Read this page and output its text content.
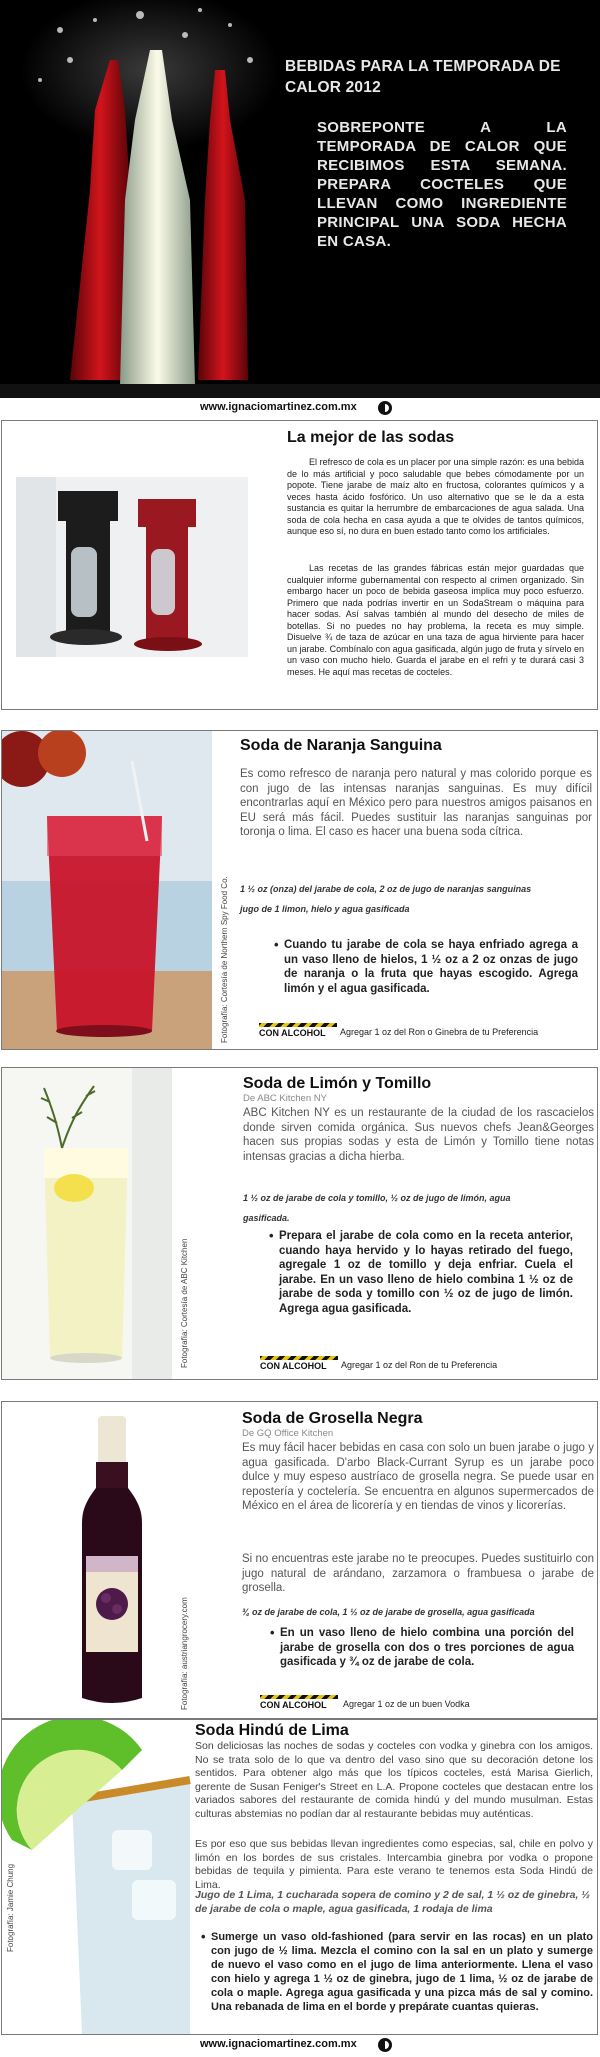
BEBIDAS PARA LA TEMPORADA DE CALOR 2012
SOBREPONTE A LA TEMPORADA DE CALOR QUE RECIBIMOS ESTA SEMANA. PREPARA COCTELES QUE LLEVAN COMO INGREDIENTE PRINCIPAL UNA SODA HECHA EN CASA.
www.ignaciomartinez.com.mx
La mejor de las sodas
El refresco de cola es un placer por una simple razón: es una bebida de lo más artificial y poco saludable que bebes cómodamente por un popote. Tiene jarabe de maíz alto en fructosa, colorantes químicos y a veces hasta ácido fosfórico. Un uso alternativo que se le da a esta sustancia es quitar la herrumbre de embarcaciones de agua salada. Una soda de cola hecha en casa ayuda a que te olvides de tantos químicos, aunque eso sí, no dura en buen estado tanto como los artificiales.
Las recetas de las grandes fábricas están mejor guardadas que cualquier informe gubernamental con respecto al crimen organizado. Sin embargo hacer un poco de bebida gaseosa implica muy poco esfuerzo. Primero que nada podrías invertir en un SodaStream o máquina para hacer sodas. Así salvas también al mundo del desecho de miles de botellas. Si no puedes no hay problema, la receta es muy simple. Disuelve ¾ de taza de azúcar en una taza de agua hirviente para hacer un jarabe. Combínalo con agua gasificada, algún jugo de fruta y sírvelo en un vaso con mucho hielo. Guarda el jarabe en el refri y te durará casi 3 meses. He aquí mas recetas de cocteles.
Fotografía: Cortesía de Northern Spy Food Co.
Soda de Naranja Sanguina
Es como refresco de naranja pero natural y mas colorido porque es con jugo de las intensas naranjas sanguinas. Es muy difícil encontrarlas aquí en México pero para nuestros amigos paisanos en EU será más fácil. Puedes sustituir las naranjas sanguinas por toronja o lima. El caso es hacer una buena soda cítrica.
1 ½ oz (onza) del jarabe de cola, 2 oz de jugo de naranjas sanguinas
jugo de 1 limon, hielo y agua gasificada
• Cuando tu jarabe de cola se haya enfriado agrega a un vaso lleno de hielos, 1 ½ oz a 2 oz onzas de jugo de naranja o la fruta que hayas escogido. Agrega limón y el agua gasificada.
CON ALCOHOL	Agregar 1 oz del Ron o Ginebra de tu Preferencia
Fotografía: Cortesía de ABC Kitchen
Soda de Limón y Tomillo
De ABC Kitchen NY
ABC Kitchen NY es un restaurante de la ciudad de los rascacielos donde sirven comida orgánica. Sus nuevos chefs Jean&Georges hacen sus propias sodas y esta de Limón y Tomillo tiene notas intensas gracias a dicha hierba.
1 ½ oz de jarabe de cola y tomillo, ½ oz de jugo de limón, agua
gasificada.
• Prepara el jarabe de cola como en la receta anterior, cuando haya hervido y lo hayas retirado del fuego, agregale 1 oz de tomillo y deja enfriar. Cuela el jarabe. En un vaso lleno de hielo combina 1 ½ oz de jarabe de soda y tomillo con ½ oz de jugo de limón. Agrega agua gasificada.
CON ALCOHOL	Agregar 1 oz del Ron de tu Preferencia
Fotografía: austriangrocery.com
Soda de Grosella Negra
De GQ Office Kitchen
Es muy fácil hacer bebidas en casa con solo un buen jarabe o jugo y agua gasificada. D'arbo Black-Currant Syrup es un jarabe poco dulce y muy espeso austríaco de grosella negra. Se puede usar en repostería y coctelería. Se encuentra en algunos supermercados de México en el área de licorería y en tiendas de vinos y licorerías.
Si no encuentras este jarabe no te preocupes. Puedes sustituirlo con jugo natural de arándano, zarzamora o frambuesa o jarabe de grosella.
¾ oz de jarabe de cola, 1 ½ oz de jarabe de grosella, agua gasificada
• En un vaso lleno de hielo combina una porción del jarabe de grosella con dos o tres porciones de agua gasificada y ¾ oz de jarabe de cola.
CON ALCOHOL	Agregar 1 oz de un buen Vodka
Fotografía: Jamie Chung
Soda Hindú de Lima
Son deliciosas las noches de sodas y cocteles con vodka y ginebra con los amigos. No se trata solo de lo que va dentro del vaso sino que su decoración detone los sentidos. Para obtener algo más que los típicos cocteles, está Marisa Gierlich, gerente de Susan Feniger's Street en L.A. Propone cocteles que destacan entre los variados sabores del restaurante de comida hindú y del mundo musulman. Estas culturas abstemias no podían dar al restaurante bebidas muy auténticas.
Es por eso que sus bebidas llevan ingredientes como especias, sal, chile en polvo y limón en los bordes de sus cristales. Intercambia ginebra por vodka o propone bebidas de tequila y pimienta. Para este verano te tenemos esta Soda Hindú de Lima.
Jugo de 1 Lima, 1 cucharada sopera de comino y 2 de sal, 1 ½ oz de ginebra, ½ de jarabe de cola o maple, agua gasificada, 1 rodaja de lima
• Sumerge un vaso old-fashioned (para servir en las rocas) en un plato con jugo de ½ lima. Mezcla el comino con la sal en un plato y sumerge de nuevo el vaso como en el jugo de lima anteriormente. Llena el vaso con hielo y agrega 1 ½ oz de ginebra, jugo de 1 lima, ½ oz de jarabe de cola o maple. Agrega agua gasificada y una pizca más de sal y comino. Una rebanada de lima en el borde y prepárate cuantas quieras.
www.ignaciomartinez.com.mx
